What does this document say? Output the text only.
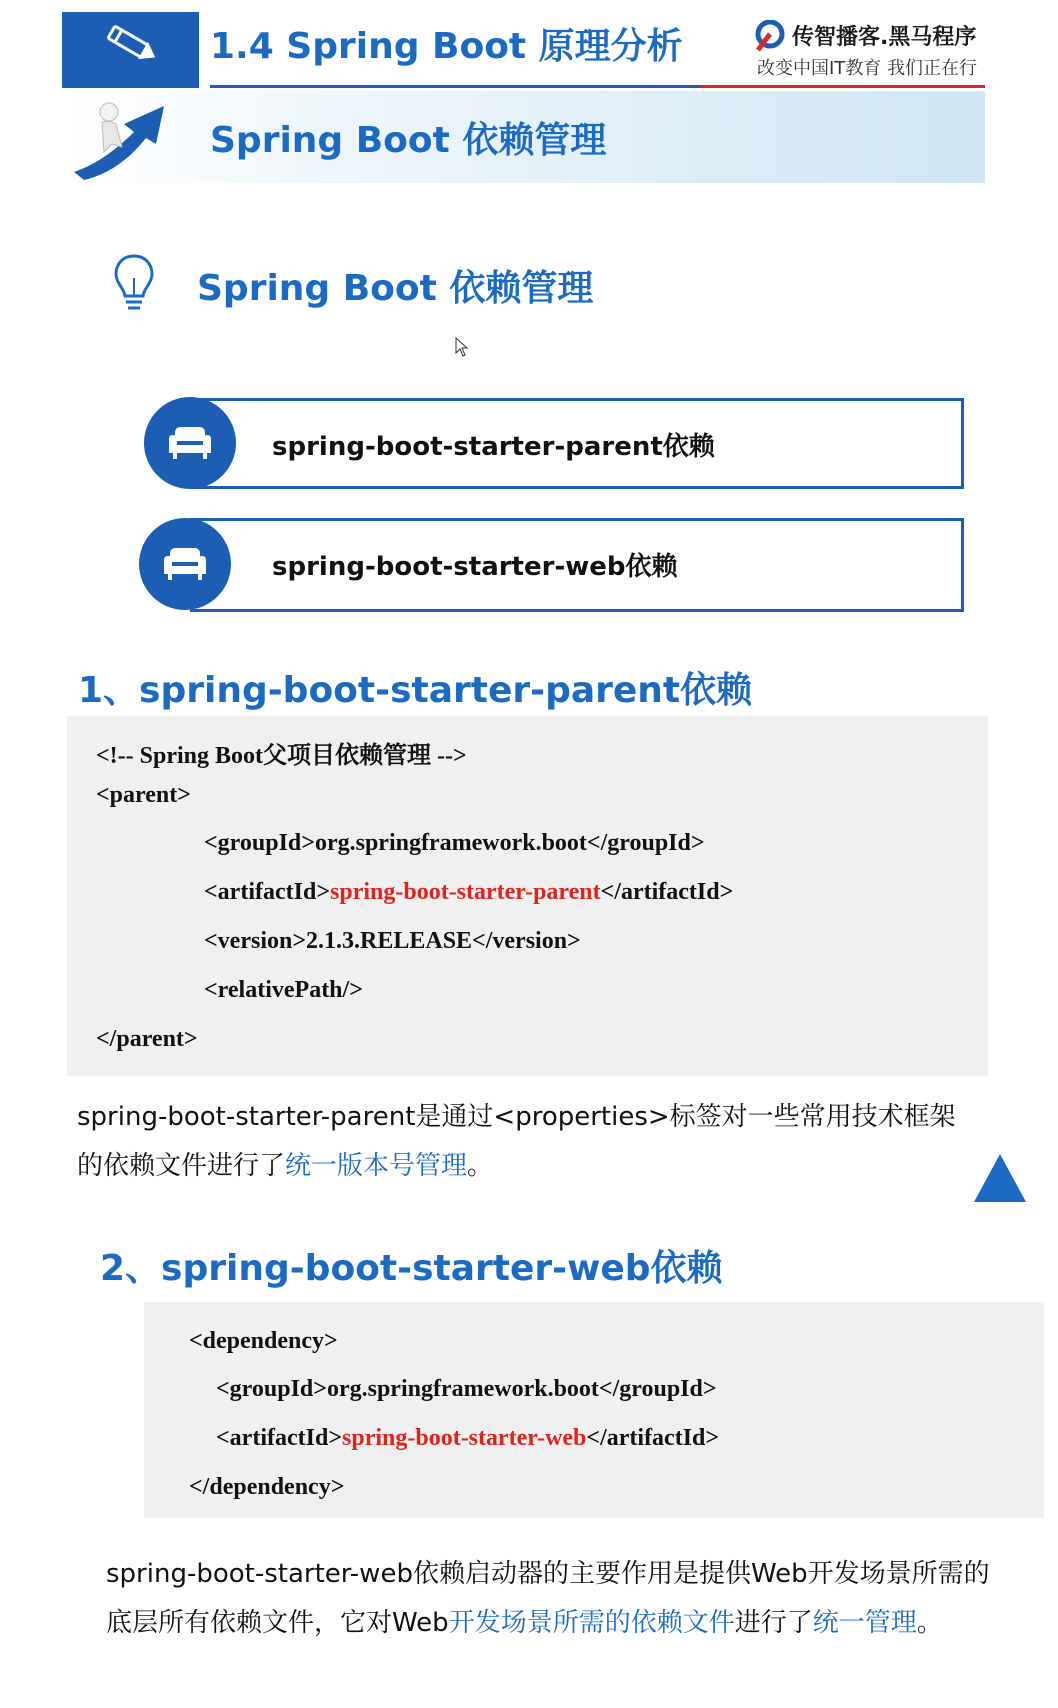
1.4 Spring Boot 原理分析	传智播客.黑马程序
改变中国IT教育 我们正在行
Spring Boot 依赖管理
Spring Boot 依赖管理
spring-boot-starter-parent依赖
spring-boot-starter-web依赖
1、spring-boot-starter-parent依赖
<!-- Spring Boot父项目依赖管理 -->
<parent>
<groupId>org.springframework.boot</groupId>
<artifactId>spring-boot-starter-parent</artifactId>
<version>2.1.3.RELEASE</version>
<relativePath/>
</parent>
spring-boot-starter-parent是通过<properties>标签对一些常用技术框架
的依赖文件进行了统一版本号管理。
2、spring-boot-starter-web依赖
<dependency>
<groupId>org.springframework.boot</groupId>
<artifactId>spring-boot-starter-web</artifactId>
</dependency>
spring-boot-starter-web依赖启动器的主要作用是提供Web开发场景所需的
底层所有依赖文件，它对Web开发场景所需的依赖文件进行了统一管理。
